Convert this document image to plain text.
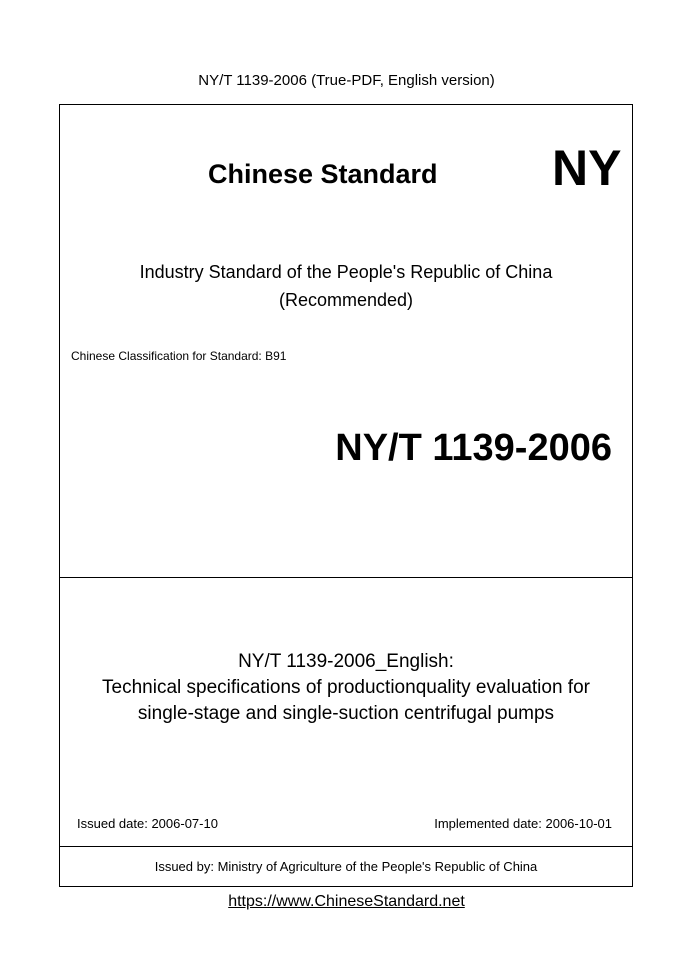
NY/T 1139-2006 (True-PDF, English version)
Chinese Standard NY
Industry Standard of the People's Republic of China
(Recommended)
Chinese Classification for Standard: B91
NY/T 1139-2006
NY/T 1139-2006_English:
Technical specifications of productionquality evaluation for
single-stage and single-suction centrifugal pumps
Issued date: 2006-07-10	Implemented date: 2006-10-01
Issued by: Ministry of Agriculture of the People's Republic of China
https://www.ChineseStandard.net
